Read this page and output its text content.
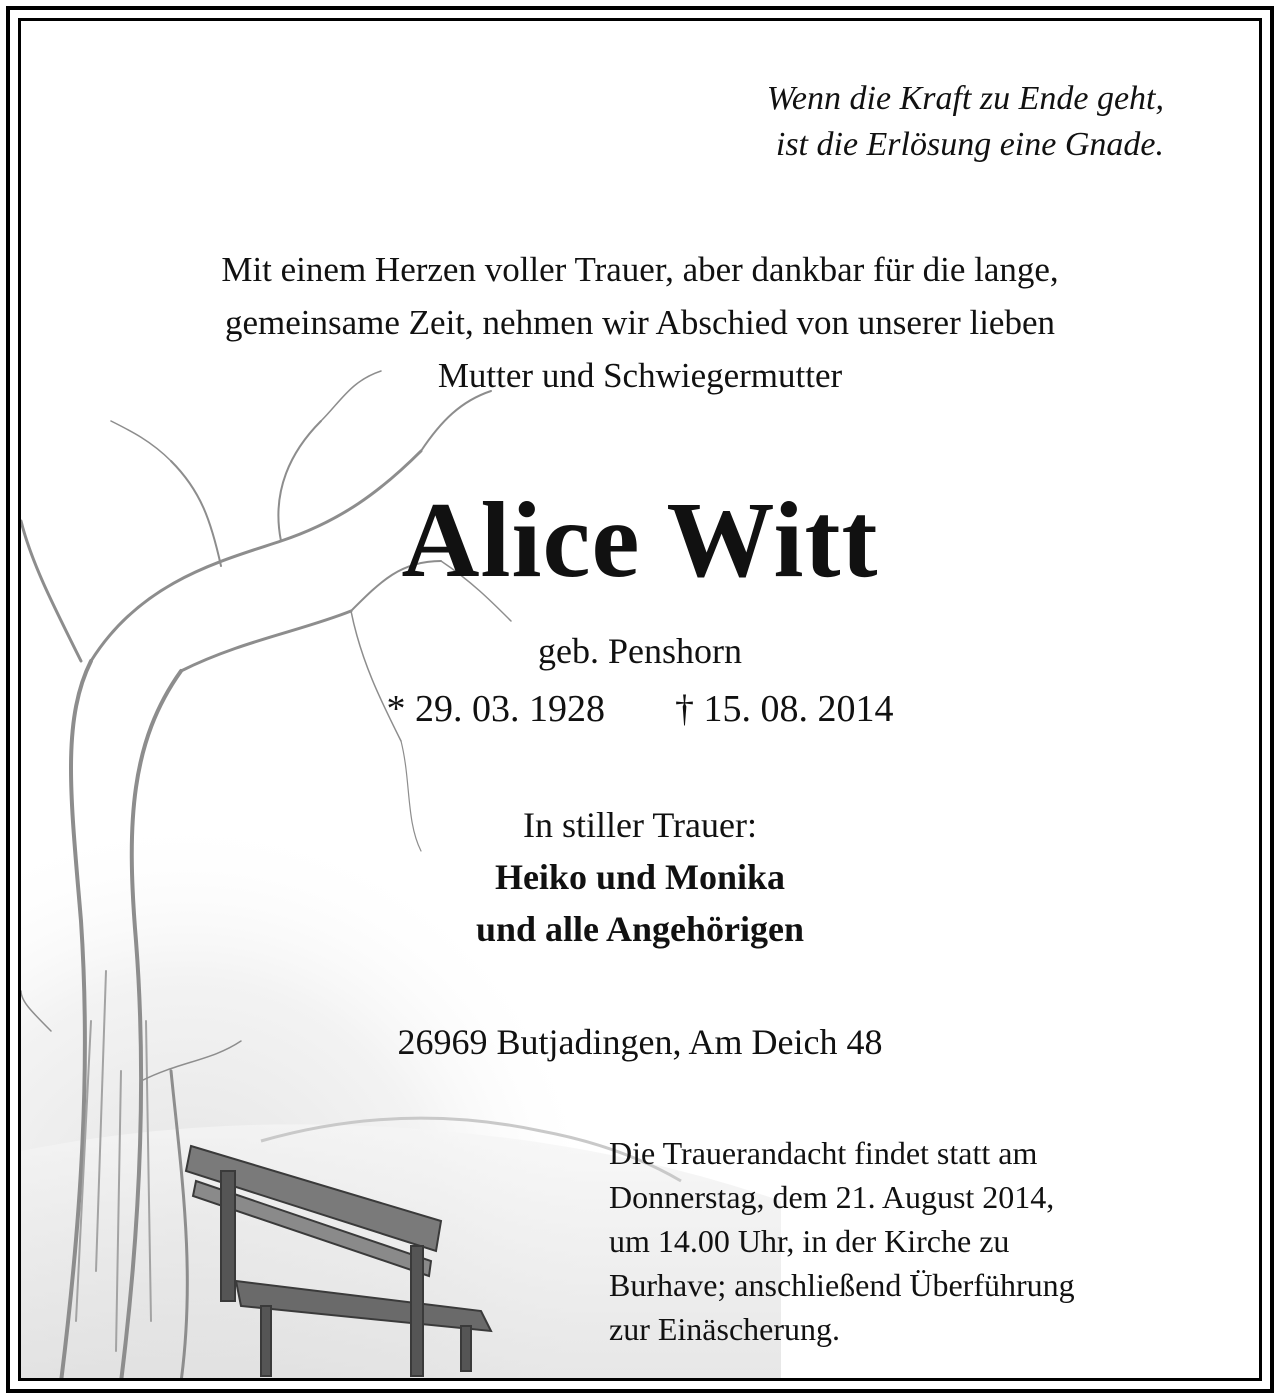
Wenn die Kraft zu Ende geht,
ist die Erlösung eine Gnade.

Mit einem Herzen voller Trauer, aber dankbar für die lange,
gemeinsame Zeit, nehmen wir Abschied von unserer lieben
Mutter und Schwiegermutter

Alice Witt

geb. Penshorn

* 29. 03. 1928 † 15. 08. 2014

In stiller Trauer:

Heiko und Monika
und alle Angehörigen

26969 Butjadingen, Am Deich 48

Die Trauerandacht findet statt am
Donnerstag, dem 21. August 2014,
um 14.00 Uhr, in der Kirche zu
Burhave; anschließend Überführung
zur Einäscherung.
